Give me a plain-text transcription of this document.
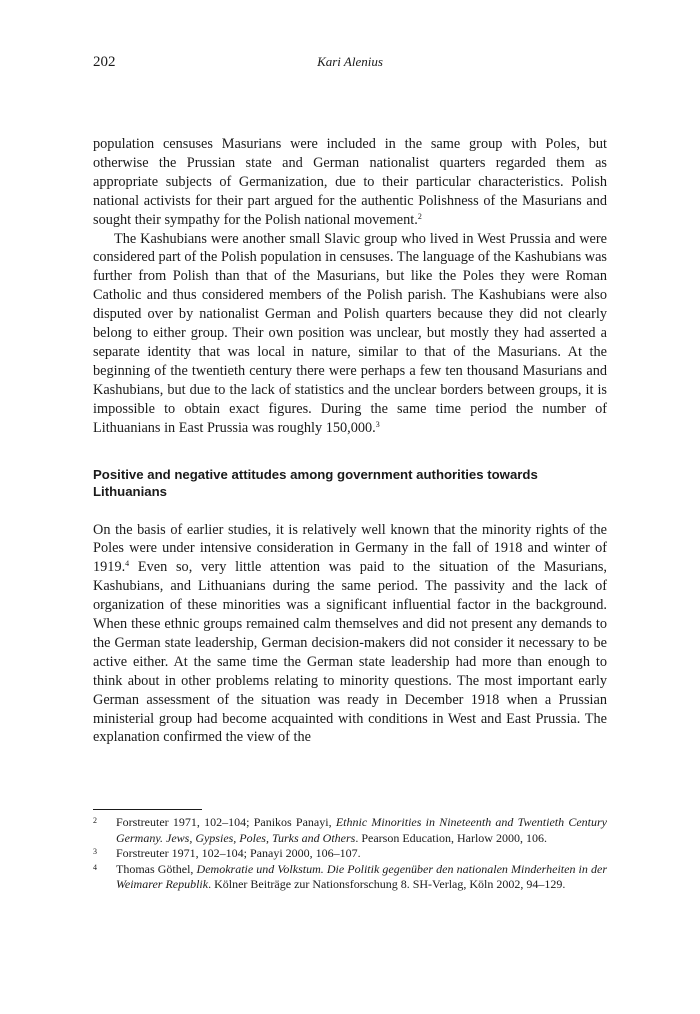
202	Kari Alenius

population censuses Masurians were included in the same group with Poles, but otherwise the Prussian state and German nationalist quarters regarded them as appropriate subjects of Germanization, due to their particular characteristics. Polish national activists for their part argued for the authentic Polishness of the Masurians and sought their sympathy for the Polish national movement.$^2$

The Kashubians were another small Slavic group who lived in West Prussia and were considered part of the Polish population in censuses. The language of the Kashubians was further from Polish than that of the Masurians, but like the Poles they were Roman Catholic and thus considered members of the Polish parish. The Kashubians were also disputed over by nationalist German and Polish quarters because they did not clearly belong to either group. Their own position was unclear, but mostly they had asserted a separate identity that was local in nature, similar to that of the Masurians. At the beginning of the twentieth century there were perhaps a few ten thousand Masurians and Kashubians, but due to the lack of statistics and the unclear borders between groups, it is impossible to obtain exact figures. During the same time period the number of Lithuanians in East Prussia was roughly 150,000.$^3$

Positive and negative attitudes among government authorities towards Lithuanians

On the basis of earlier studies, it is relatively well known that the minority rights of the Poles were under intensive consideration in Germany in the fall of 1918 and winter of 1919.$^4$ Even so, very little attention was paid to the situation of the Masurians, Kashubians, and Lithuanians during the same period. The passivity and the lack of organization of these minorities was a significant influential factor in the background. When these ethnic groups remained calm themselves and did not present any demands to the German state leadership, German decision-makers did not consider it necessary to be active either. At the same time the German state leadership had more than enough to think about in other problems relating to minority questions. The most important early German assessment of the situation was ready in December 1918 when a Prussian ministerial group had become acquainted with conditions in West and East Prussia. The explanation confirmed the view of the

2	Forstreuter 1971, 102–104; Panikos Panayi, Ethnic Minorities in Nineteenth and Twentieth Century Germany. Jews, Gypsies, Poles, Turks and Others. Pearson Education, Harlow 2000, 106.
3	Forstreuter 1971, 102–104; Panayi 2000, 106–107.
4	Thomas Göthel, Demokratie und Volkstum. Die Politik gegenüber den nationalen Minderheiten in der Weimarer Republik. Kölner Beiträge zur Nationsforschung 8. SH-Verlag, Köln 2002, 94–129.
